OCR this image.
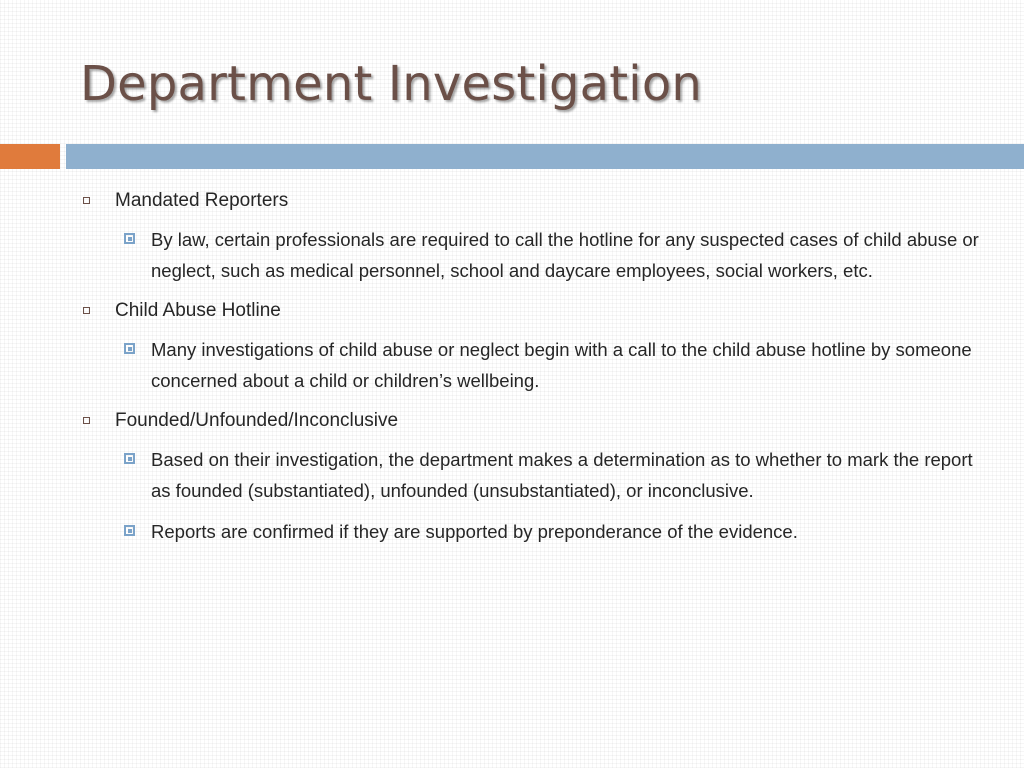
Department Investigation
Mandated Reporters
By law, certain professionals are required to call the hotline for any suspected cases of child abuse or neglect, such as medical personnel, school and daycare employees, social workers, etc.
Child Abuse Hotline
Many investigations of child abuse or neglect begin with a call to the child abuse hotline by someone concerned about a child or children’s wellbeing.
Founded/Unfounded/Inconclusive
Based on their investigation, the department makes a determination as to whether to mark the report as founded (substantiated), unfounded (unsubstantiated), or inconclusive.
Reports are confirmed if they are supported by preponderance of the evidence.
